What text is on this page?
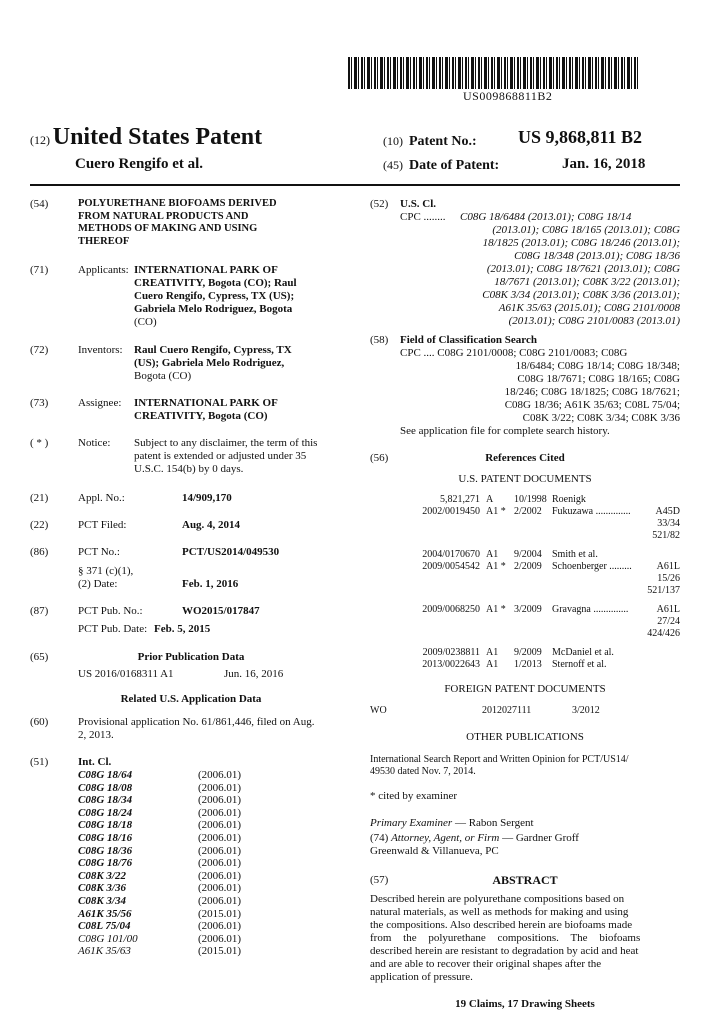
US009868811B2
(12) United States Patent
Cuero Rengifo et al.
(10) Patent No.: US 9,868,811 B2
(45) Date of Patent:	Jan. 16, 2018
(54)	POLYURETHANE BIOFOAMS DERIVED
FROM NATURAL PRODUCTS AND
METHODS OF MAKING AND USING
THEREOF
(71)	Applicants: INTERNATIONAL PARK OF
CREATIVITY, Bogota (CO); Raul
Cuero Rengifo, Cypress, TX (US);
Gabriela Melo Rodriguez, Bogota
(CO)
(72)	Inventors:	Raul Cuero Rengifo, Cypress, TX
(US); Gabriela Melo Rodriguez,
Bogota (CO)
(73)	Assignee:	INTERNATIONAL PARK OF
CREATIVITY, Bogota (CO)
( * )	Notice:	Subject to any disclaimer, the term of this
patent is extended or adjusted under 35
U.S.C. 154(b) by 0 days.
(21)	Appl. No.:	14/909,170
(22)	PCT Filed:	Aug. 4, 2014
(86)	PCT No.:	PCT/US2014/049530
§ 371 (c)(1),
(2) Date:	Feb. 1, 2016
(87)	PCT Pub. No.:	WO2015/017847
PCT Pub. Date: Feb. 5, 2015
(65)	Prior Publication Data
US 2016/0168311 A1	Jun. 16, 2016
Related U.S. Application Data
(60)	Provisional application No. 61/861,446, filed on Aug.
2, 2013.
(51)	Int. Cl.
C08G 18/64	(2006.01)
C08G 18/08	(2006.01)
C08G 18/34	(2006.01)
C08G 18/24	(2006.01)
C08G 18/18	(2006.01)
C08G 18/16	(2006.01)
C08G 18/36	(2006.01)
C08G 18/76	(2006.01)
C08K 3/22	(2006.01)
C08K 3/36	(2006.01)
C08K 3/34	(2006.01)
A61K 35/56	(2015.01)
C08L 75/04	(2006.01)
C08G 101/00	(2006.01)
A61K 35/63	(2015.01)
(52) U.S. Cl.
CPC ........	C08G 18/6484 (2013.01); C08G 18/14
(2013.01); C08G 18/165 (2013.01); C08G
18/1825 (2013.01); C08G 18/246 (2013.01);
C08G 18/348 (2013.01); C08G 18/36
(2013.01); C08G 18/7621 (2013.01); C08G
18/7671 (2013.01); C08K 3/22 (2013.01);
C08K 3/34 (2013.01); C08K 3/36 (2013.01);
A61K 35/63 (2015.01); C08G 2101/0008
(2013.01); C08G 2101/0083 (2013.01)
(58) Field of Classification Search
CPC .... C08G 2101/0008; C08G 2101/0083; C08G
18/6484; C08G 18/14; C08G 18/348;
C08G 18/7671; C08G 18/165; C08G
18/246; C08G 18/1825; C08G 18/7621;
C08G 18/36; A61K 35/63; C08L 75/04;
C08K 3/22; C08K 3/34; C08K 3/36
See application file for complete search history.
(56)	References Cited
U.S. PATENT DOCUMENTS
5,821,271 A	10/1998 Roenigk
2002/0019450 A1 * 2/2002	Fukuzawa ..............	A45D 33/34
521/82
2004/0170670 A1	9/2004	Smith et al.
2009/0054542 A1 * 2/2009	Schoenberger .........	A61L 15/26
521/137
2009/0068250 A1 * 3/2009	Gravagna ..............	A61L 27/24
424/426
2009/0238811 A1	9/2009	McDaniel et al.
2013/0022643 A1	1/2013	Sternoff et al.
FOREIGN PATENT DOCUMENTS
WO	2012027111	3/2012
OTHER PUBLICATIONS
International Search Report and Written Opinion for PCT/US14/
49530 dated Nov. 7, 2014.
* cited by examiner
Primary Examiner — Rabon Sergent
(74) Attorney, Agent, or Firm — Gardner Groff
Greenwald & Villanueva, PC
(57)	ABSTRACT
Described herein are polyurethane compositions based on
natural materials, as well as methods for making and using
the compositions. Also described herein are biofoams made
from the polyurethane compositions. The biofoams
described herein are resistant to degradation by acid and heat
and are able to recover their original shapes after the
application of pressure.
19 Claims, 17 Drawing Sheets
